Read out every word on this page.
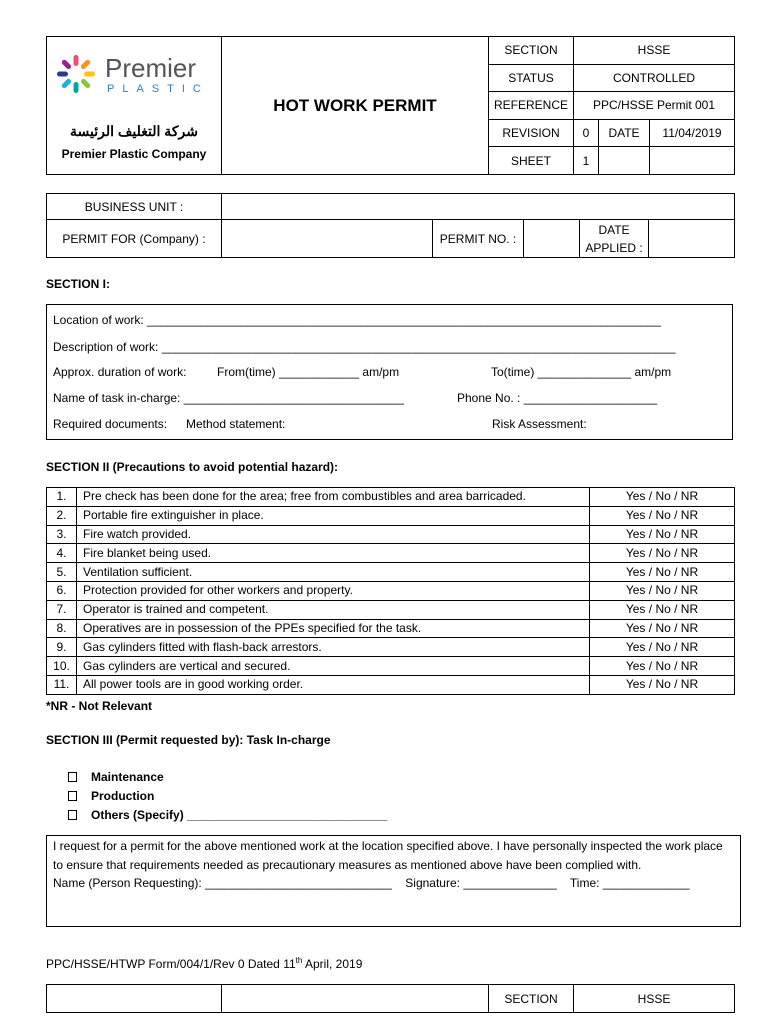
Premier
PLASTIC
شركة التغليف الرئيسة
Premier Plastic Company	HOT WORK PERMIT	SECTION	HSSE		
		STATUS	CONTROLLED		
		REFERENCE	PPC/HSSE Permit 001		
		REVISION	0	DATE	11/04/2019
		SHEET	1		
BUSINESS UNIT :					
PERMIT FOR (Company) :		PERMIT NO. :		DATE APPLIED :	
SECTION I:
Location of work: _____________________________________________________________________________
Description of work: _____________________________________________________________________________
Approx. duration of work:	From(time) ____________ am/pm	To(time) ______________ am/pm
Name of task in-charge: _________________________________	Phone No. : ____________________
Required documents: Method statement:	Risk Assessment:
SECTION II (Precautions to avoid potential hazard):
1.	Pre check has been done for the area; free from combustibles and area barricaded.	Yes / No / NR
2.	Portable fire extinguisher in place.	Yes / No / NR
3.	Fire watch provided.	Yes / No / NR
4.	Fire blanket being used.	Yes / No / NR
5.	Ventilation sufficient.	Yes / No / NR
6.	Protection provided for other workers and property.	Yes / No / NR
7.	Operator is trained and competent.	Yes / No / NR
8.	Operatives are in possession of the PPEs specified for the task.	Yes / No / NR
9.	Gas cylinders fitted with flash-back arrestors.	Yes / No / NR
10.	Gas cylinders are vertical and secured.	Yes / No / NR
11.	All power tools are in good working order.	Yes / No / NR
*NR - Not Relevant
SECTION III (Permit requested by): Task In-charge
Maintenance
Production
Others (Specify) ______________________________
I request for a permit for the above mentioned work at the location specified above. I have personally inspected the work place to ensure that requirements needed as precautionary measures as mentioned above have been complied with.
Name (Person Requesting): ____________________________ Signature: ______________ Time: _____________
PPC/HSSE/HTWP Form/004/1/Rev 0 Dated 11th April, 2019
		SECTION	HSSE
